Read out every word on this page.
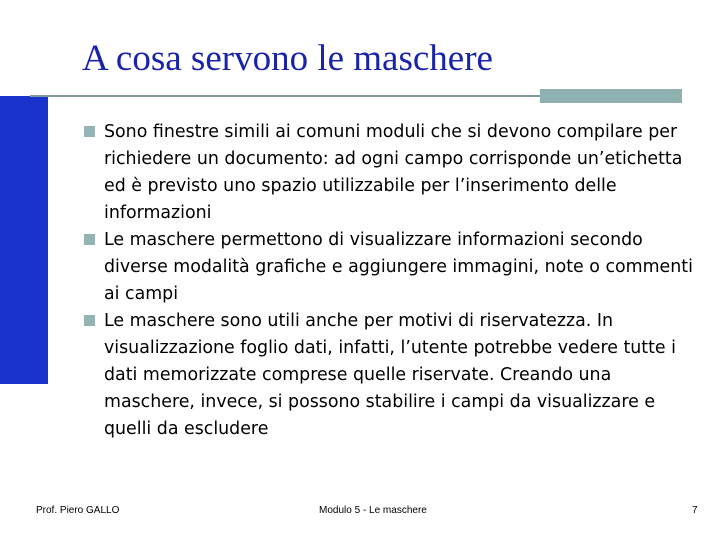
A cosa servono le maschere
Sono finestre simili ai comuni moduli che si devono compilare per richiedere un documento: ad ogni campo corrisponde un’etichetta ed è previsto uno spazio utilizzabile per l’inserimento delle informazioni
Le maschere permettono di visualizzare informazioni secondo diverse modalità grafiche e aggiungere immagini, note o commenti ai campi
Le maschere sono utili anche per motivi di riservatezza. In visualizzazione foglio dati, infatti, l’utente potrebbe vedere tutte i dati memorizzate comprese quelle riservate. Creando una maschere, invece, si possono stabilire i campi da visualizzare e quelli da escludere

Prof. Piero GALLO	Modulo 5 - Le maschere	7
